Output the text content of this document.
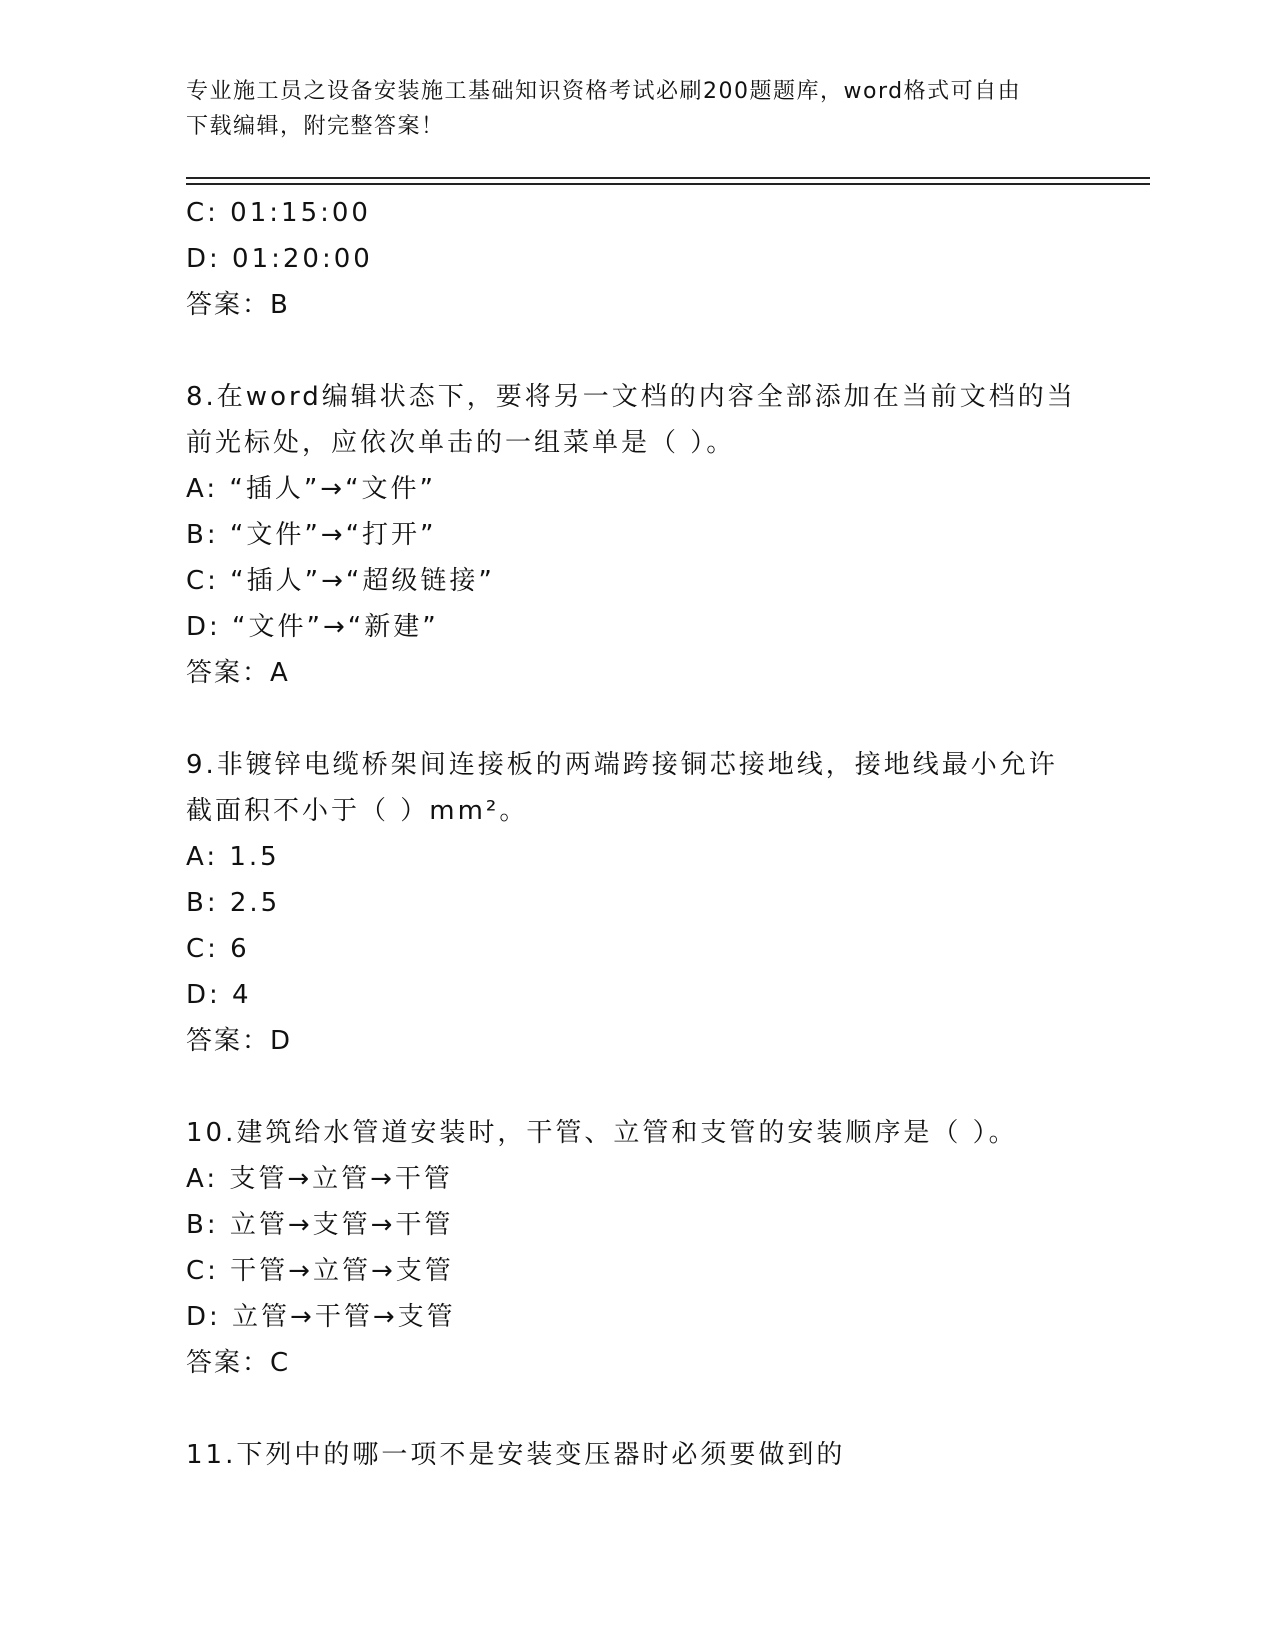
专业施工员之设备安装施工基础知识资格考试必刷200题题库，word格式可自由
下载编辑，附完整答案！
C: 01:15:00
D: 01:20:00
答案：B
8.在word编辑状态下，要将另一文档的内容全部添加在当前文档的当
前光标处，应依次单击的一组菜单是（ ）。
A: “插人”→“文件”
B: “文件”→“打开”
C: “插人”→“超级链接”
D: “文件”→“新建”
答案：A
9.非镀锌电缆桥架间连接板的两端跨接铜芯接地线，接地线最小允许
截面积不小于（ ）mm²。
A: 1.5
B: 2.5
C: 6
D: 4
答案：D
10.建筑给水管道安装时，干管、立管和支管的安装顺序是（ ）。
A: 支管→立管→干管
B: 立管→支管→干管
C: 干管→立管→支管
D: 立管→干管→支管
答案：C
11.下列中的哪一项不是安装变压器时必须要做到的
